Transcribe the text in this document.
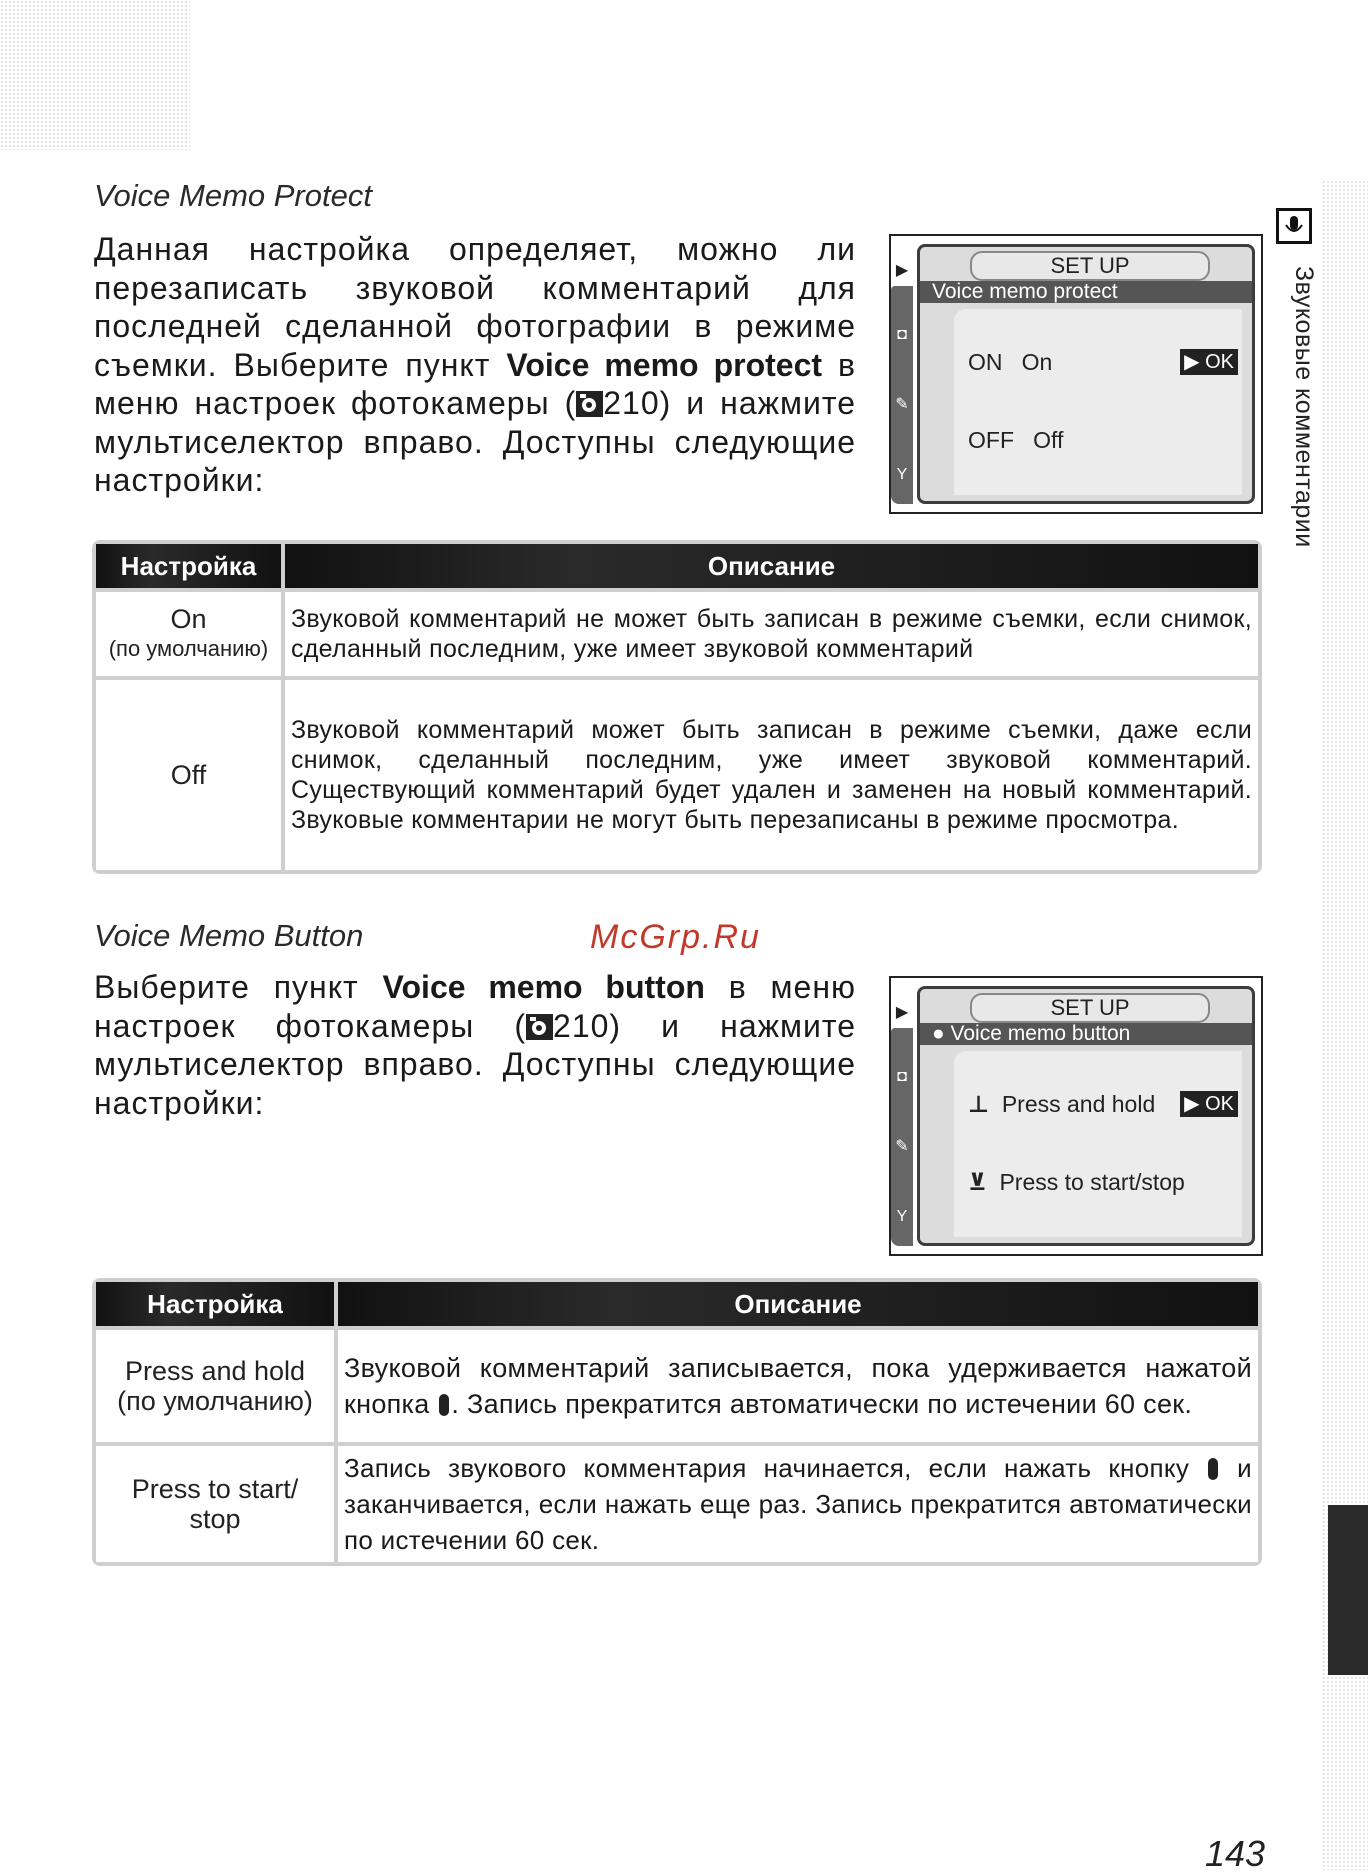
Voice Memo Protect
Данная настройка определяет, можно ли перезаписать звуковой комментарий для последней сделанной фотографии в режиме съемки. Выберите пункт Voice memo protect в меню настроек фотокамеры ( 210) и нажмите мультиселектор вправо. Доступны следующие настройки:
▶
◘
✎
Y
SET UP
Voice memo protect
ON On	▶ OK
OFF Off
Настройка	Описание

On
(по умолчанию)	Звуковой комментарий не может быть записан в режиме съемки, если снимок, сделанный последним, уже имеет звуковой комментарий

Off	Звуковой комментарий может быть записан в режиме съемки, даже если снимок, сделанный последним, уже имеет звуковой комментарий. Существующий комментарий будет удален и заменен на новый комментарий. Звуковые комментарии не могут быть перезаписаны в режиме просмотра.
Voice Memo Button	McGrp.Ru
Выберите пункт Voice memo button в меню настроек фотокамеры ( 210) и нажмите мультиселектор вправо. Доступны следующие настройки:
▶
◘
✎
Y
SET UP
● Voice memo button
⊥ Press and hold ▶ OK
⊻ Press to start/stop
Настройка	Описание

Press and hold
(по умолчанию)	Звуковой комментарий записывается, пока удерживается нажатой кнопка . Запись прекратится автоматически по истечении 60 сек.

Press to start/ stop	Запись звукового комментария начинается, если нажать кнопку  и заканчивается, если нажать еще раз. Запись прекратится автоматически по истечении 60 сек.
Звуковые комментарии
143
